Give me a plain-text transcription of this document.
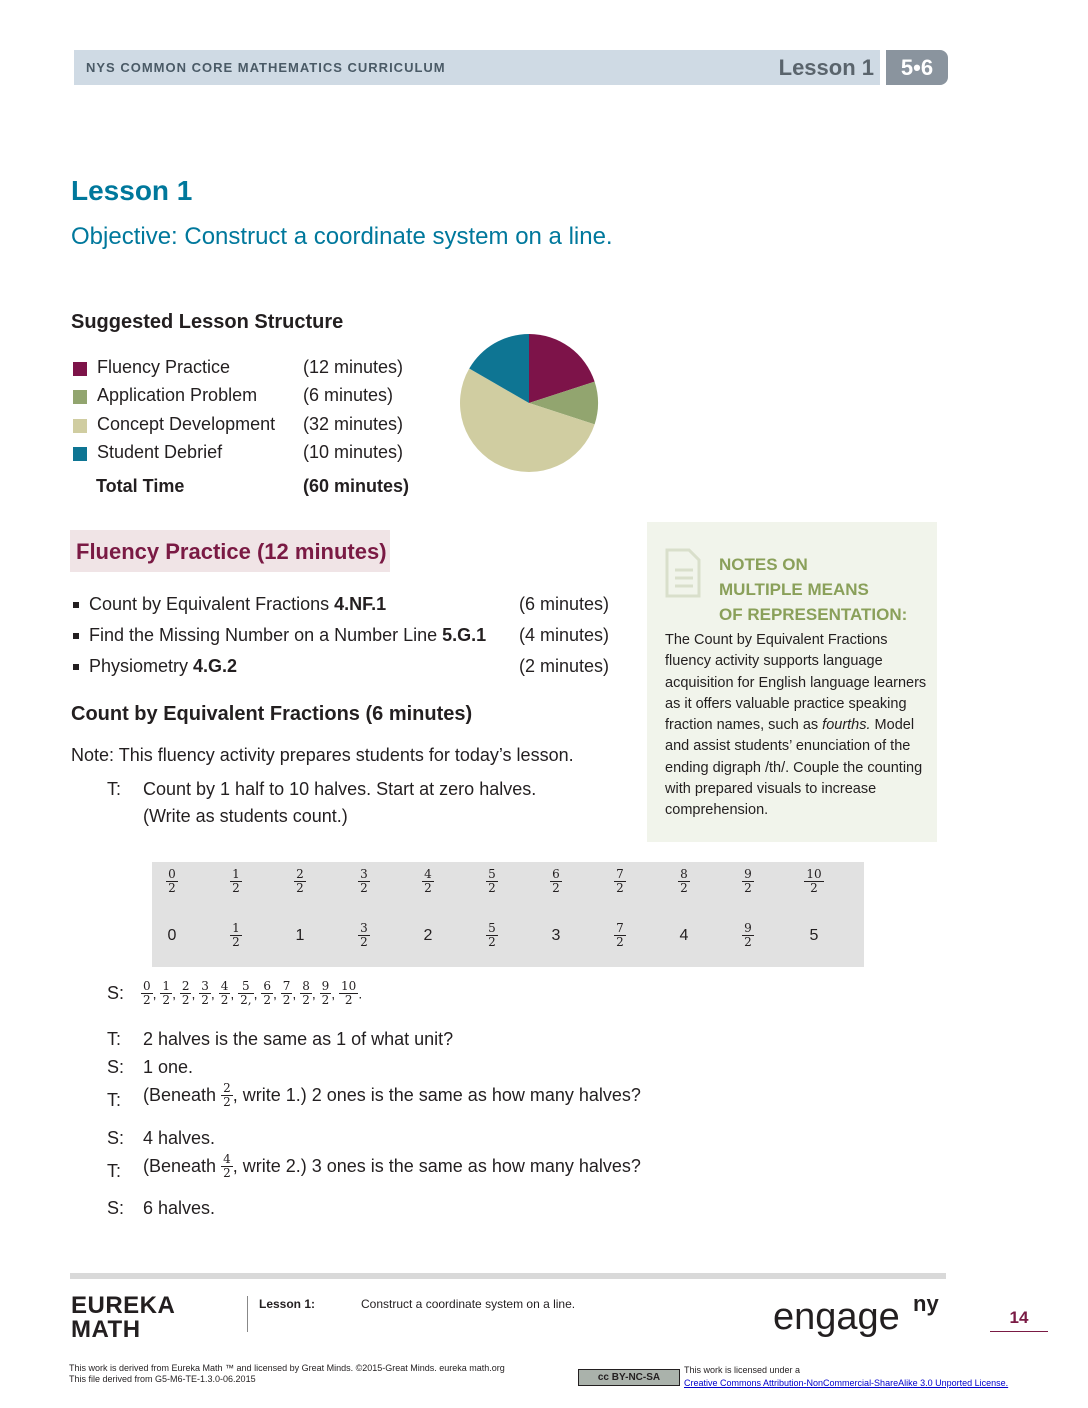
NYS COMMON CORE MATHEMATICS CURRICULUM	Lesson 1	5•6
Lesson 1
Objective: Construct a coordinate system on a line.
Suggested Lesson Structure
Fluency Practice	(12 minutes)
Application Problem	(6 minutes)
Concept Development (32 minutes)
Student Debrief	(10 minutes)
Total Time	(60 minutes)
Fluency Practice (12 minutes)
Count by Equivalent Fractions 4.NF.1	(6 minutes)
Find the Missing Number on a Number Line 5.G.1 (4 minutes)
Physiometry 4.G.2	(2 minutes)
NOTES ON
MULTIPLE MEANS
OF REPRESENTATION:
The Count by Equivalent Fractions fluency activity supports language acquisition for English language learners as it offers valuable practice speaking fraction names, such as fourths. Model and assist students’ enunciation of the ending digraph /th/. Couple the counting with prepared visuals to increase comprehension.
Count by Equivalent Fractions (6 minutes)
Note: This fluency activity prepares students for today’s lesson.
T: Count by 1 half to 10 halves. Start at zero halves.
(Write as students count.)
$\frac{0}{2}$	$\frac{1}{2}$	$\frac{2}{2}$	$\frac{3}{2}$	$\frac{4}{2}$	$\frac{5}{2}$	$\frac{6}{2}$	$\frac{7}{2}$	$\frac{8}{2}$	$\frac{9}{2}$	$\frac{10}{2}$
0	$\frac{1}{2}$	1	$\frac{3}{2}$	2	$\frac{5}{2}$	3	$\frac{7}{2}$	4	$\frac{9}{2}$	5
S: $\frac{0}{2}$ , $\frac{1}{2}$ , $\frac{2}{2}$ , $\frac{3}{2}$ , $\frac{4}{2}$ , $\frac{5}{2,}$ , $\frac{6}{2}$ , $\frac{7}{2}$ , $\frac{8}{2}$ , $\frac{9}{2}$ , $\frac{10}{2}$ .
T: 2 halves is the same as 1 of what unit?
S: 1 one.
T: (Beneath $\frac{2}{2}$ , write 1.) 2 ones is the same as how many halves?
S: 4 halves.
T: (Beneath $\frac{4}{2}$ , write 2.) 3 ones is the same as how many halves?
S: 6 halves.
EUREKA
MATH
Lesson 1:	Construct a coordinate system on a line.	engage ny
14
This work is derived from Eureka Math ™ and licensed by Great Minds. ©2015-Great Minds. eureka math.org
This file derived from G5-M6-TE-1.3.0-06.2015	cc BY-NC-SA
This work is licensed under a
Creative Commons Attribution-NonCommercial-ShareAlike 3.0 Unported License.
